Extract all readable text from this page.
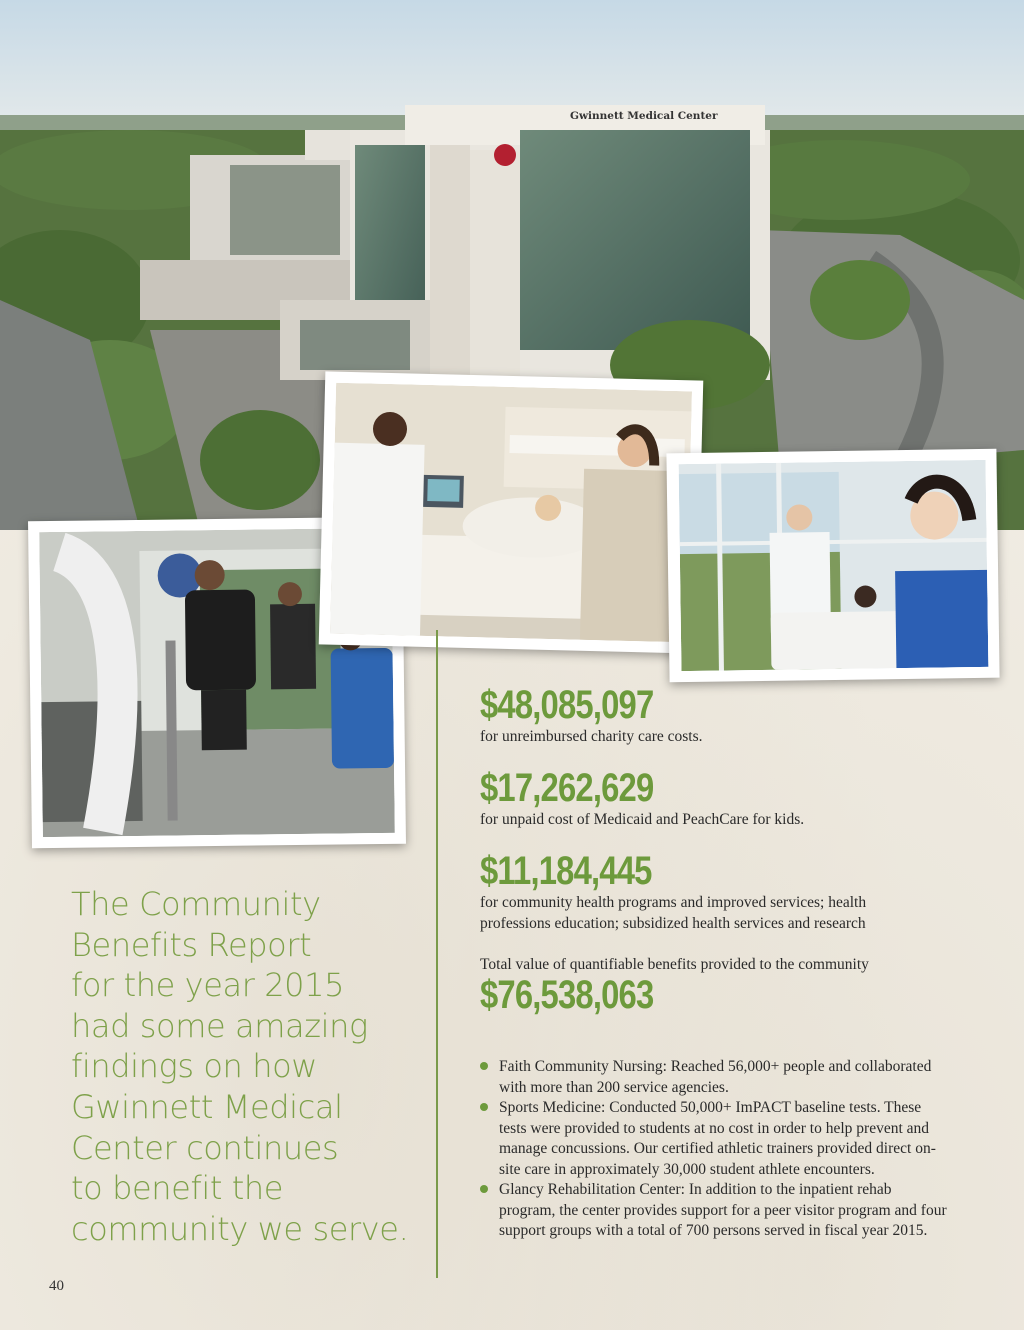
Gwinnett Medical Center
The Community
Benefits Report
for the year 2015
had some amazing
findings on how
Gwinnett Medical
Center continues
to benefit the
community we serve.
40
$48,085,097
for unreimbursed charity care costs.
$17,262,629
for unpaid cost of Medicaid and PeachCare for kids.
$11,184,445
for community health programs and improved services; health professions education; subsidized health services and research
Total value of quantifiable benefits provided to the community
$76,538,063
Faith Community Nursing: Reached 56,000+ people and collaborated with more than 200 service agencies.
Sports Medicine: Conducted 50,000+ ImPACT baseline tests. These tests were provided to students at no cost in order to help prevent and manage concussions. Our certified athletic trainers provided direct on-site care in approximately 30,000 student athlete encounters.
Glancy Rehabilitation Center: In addition to the inpatient rehab program, the center provides support for a peer visitor program and four support groups with a total of 700 persons served in fiscal year 2015.
